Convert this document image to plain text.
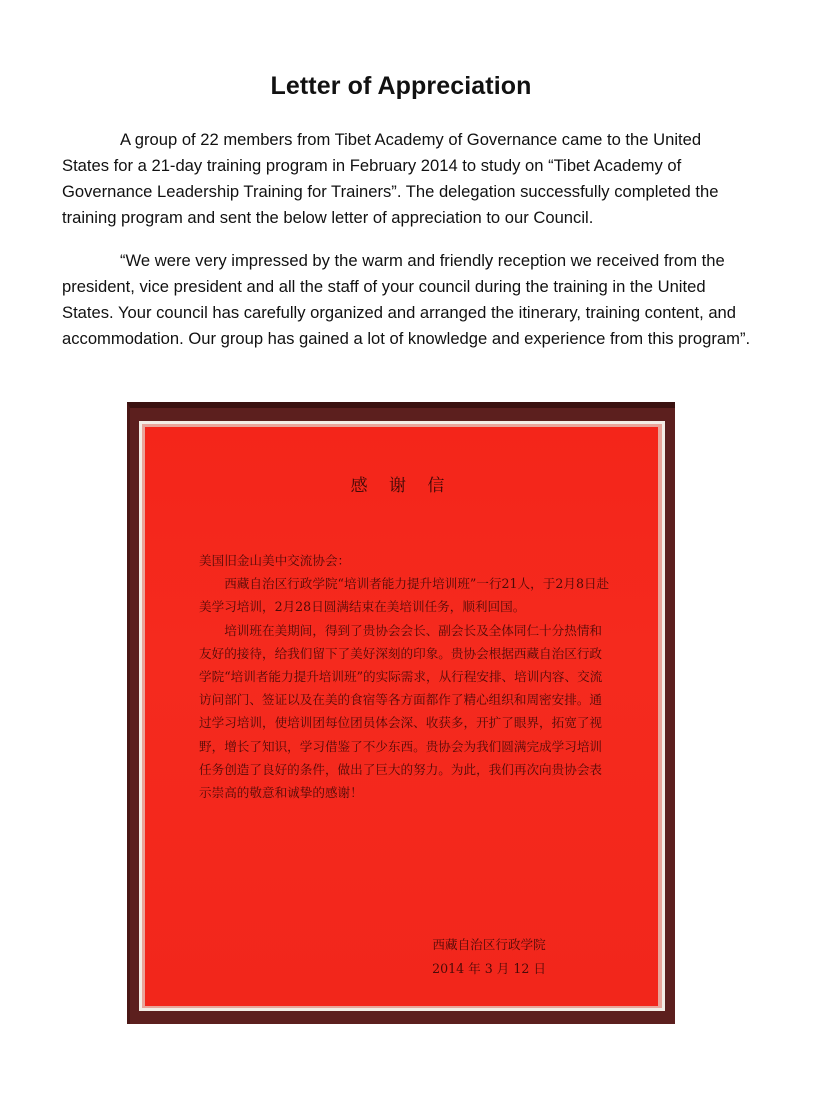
Letter of Appreciation

A group of 22 members from Tibet Academy of Governance came to the United States for a 21-day training program in February 2014 to study on “Tibet Academy of Governance Leadership Training for Trainers”. The delegation successfully completed the training program and sent the below letter of appreciation to our Council.

“We were very impressed by the warm and friendly reception we received from the president, vice president and all the staff of your council during the training in the United States. Your council has carefully organized and arranged the itinerary, training content, and accommodation. Our group has gained a lot of knowledge and experience from this program”.

感 谢 信

美国旧金山美中交流协会：

西藏自治区行政学院“培训者能力提升培训班”一行21人，于2月8日赴美学习培训，2月28日圆满结束在美培训任务，顺利回国。

培训班在美期间，得到了贵协会会长、副会长及全体同仁十分热情和友好的接待，给我们留下了美好深刻的印象。贵协会根据西藏自治区行政学院“培训者能力提升培训班”的实际需求，从行程安排、培训内容、交流访问部门、签证以及在美的食宿等各方面都作了精心组织和周密安排。通过学习培训，使培训团每位团员体会深、收获多，开扩了眼界，拓宽了视野，增长了知识，学习借鉴了不少东西。贵协会为我们圆满完成学习培训任务创造了良好的条件，做出了巨大的努力。为此，我们再次向贵协会表示崇高的敬意和诚挚的感谢！

西藏自治区行政学院
2014 年 3 月 12 日
